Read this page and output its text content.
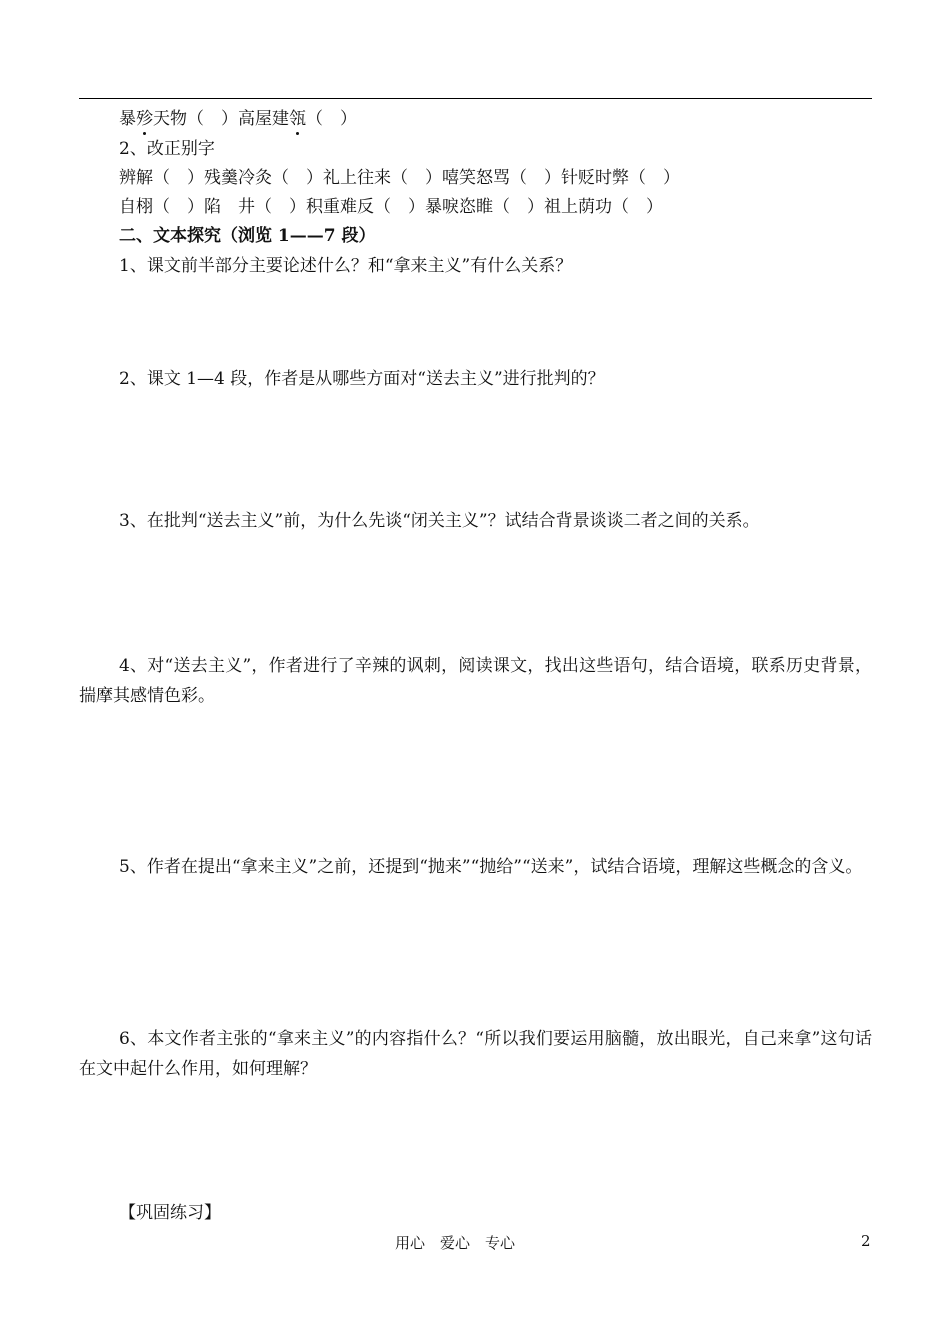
暴殄
天物（　）高屋建瓴
（　）
2、改正别字
辨解（　）残羹冷灸（　）礼上往来（　）嘻笑怒骂（　）针贬时弊（　）
自栩（　）陷　井（　）积重难反（　）暴唳恣睢（　）祖上荫功（　）
二、文本探究（浏览 1——7 段）
1、课文前半部分主要论述什么？和“拿来主义”有什么关系？
2、课文 1—4 段，作者是从哪些方面对“送去主义”进行批判的？
3、在批判“送去主义”前，为什么先谈“闭关主义”？试结合背景谈谈二者之间的关系。
4、对“送去主义”，作者进行了辛辣的讽刺，阅读课文，找出这些语句，结合语境，联系历史背景，揣摩其感情色彩。
5、作者在提出“拿来主义”之前，还提到“抛来”“抛给”“送来”，试结合语境，理解这些概念的含义。
6、本文作者主张的“拿来主义”的内容指什么？“所以我们要运用脑髓，放出眼光，自己来拿”这句话在文中起什么作用，如何理解？
【巩固练习】
用心　爱心　专心	2
